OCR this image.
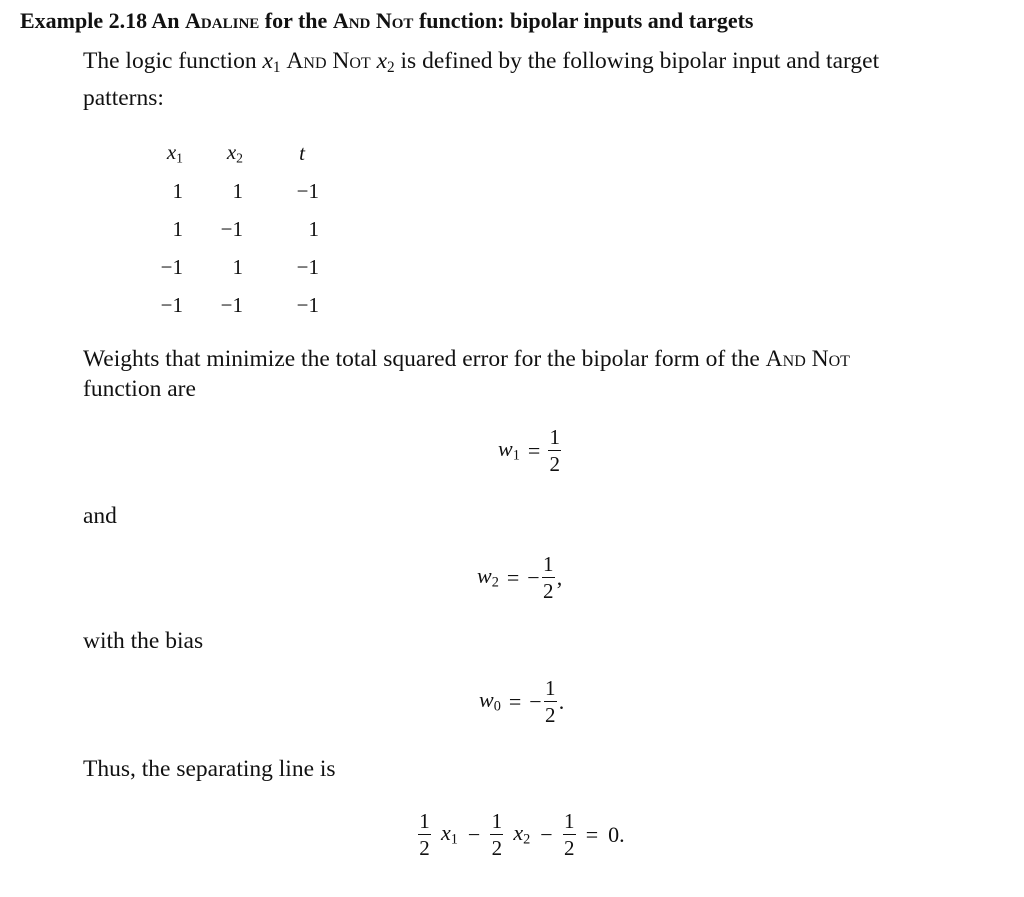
Example 2.18 An Adaline for the And Not function: bipolar inputs and targets
The logic function $x_1$ And Not $x_2$ is defined by the following bipolar input and target
patterns:
$x_1$	$x_2$	t
1	1	−1
1	−1	1
−1	1	−1
−1	−1	−1
Weights that minimize the total squared error for the bipolar form of the And Not
function are
$w_1 = \frac{1}{2}$
and
$w_2$ = − $\frac{1}{2}$ ,
with the bias
$w_0$ = − $\frac{1}{2}$ .
Thus, the separating line is
$\frac{1}{2} x_1 - \frac{1}{2} x_2 - \frac{1}{2} = 0$.
